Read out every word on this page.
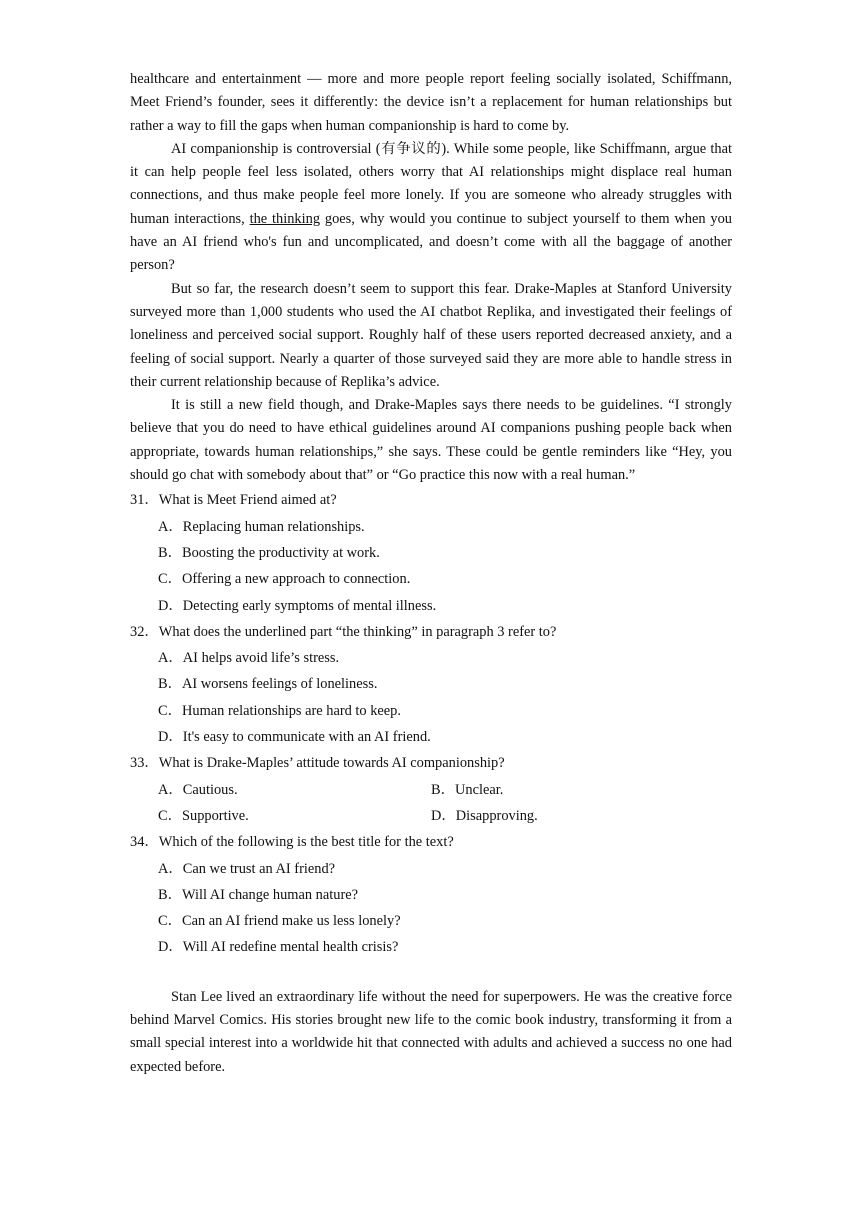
healthcare and entertainment — more and more people report feeling socially isolated, Schiffmann, Meet Friend’s founder, sees it differently: the device isn’t a replacement for human relationships but rather a way to fill the gaps when human companionship is hard to come by.

AI companionship is controversial (有争议的). While some people, like Schiffmann, argue that it can help people feel less isolated, others worry that AI relationships might displace real human connections, and thus make people feel more lonely. If you are someone who already struggles with human interactions, the thinking goes, why would you continue to subject yourself to them when you have an AI friend who's fun and uncomplicated, and doesn’t come with all the baggage of another person?

But so far, the research doesn’t seem to support this fear. Drake-Maples at Stanford University surveyed more than 1,000 students who used the AI chatbot Replika, and investigated their feelings of loneliness and perceived social support. Roughly half of these users reported decreased anxiety, and a feeling of social support. Nearly a quarter of those surveyed said they are more able to handle stress in their current relationship because of Replika’s advice.

It is still a new field though, and Drake-Maples says there needs to be guidelines. “I strongly believe that you do need to have ethical guidelines around AI companions pushing people back when appropriate, towards human relationships,” she says. These could be gentle reminders like “Hey, you should go chat with somebody about that” or “Go practice this now with a real human.”

31．What is Meet Friend aimed at?

A．Replacing human relationships.

B．Boosting the productivity at work.

C．Offering a new approach to connection.

D．Detecting early symptoms of mental illness.

32．What does the underlined part “the thinking” in paragraph 3 refer to?

A．AI helps avoid life’s stress.

B．AI worsens feelings of loneliness.

C．Human relationships are hard to keep.

D．It's easy to communicate with an AI friend.

33．What is Drake-Maples’ attitude towards AI companionship?

A．Cautious.	B．Unclear.
C．Supportive.	D．Disapproving.

34．Which of the following is the best title for the text?

A．Can we trust an AI friend?

B．Will AI change human nature?

C．Can an AI friend make us less lonely?

D．Will AI redefine mental health crisis?

Stan Lee lived an extraordinary life without the need for superpowers. He was the creative force behind Marvel Comics. His stories brought new life to the comic book industry, transforming it from a small special interest into a worldwide hit that connected with adults and achieved a success no one had expected before.
